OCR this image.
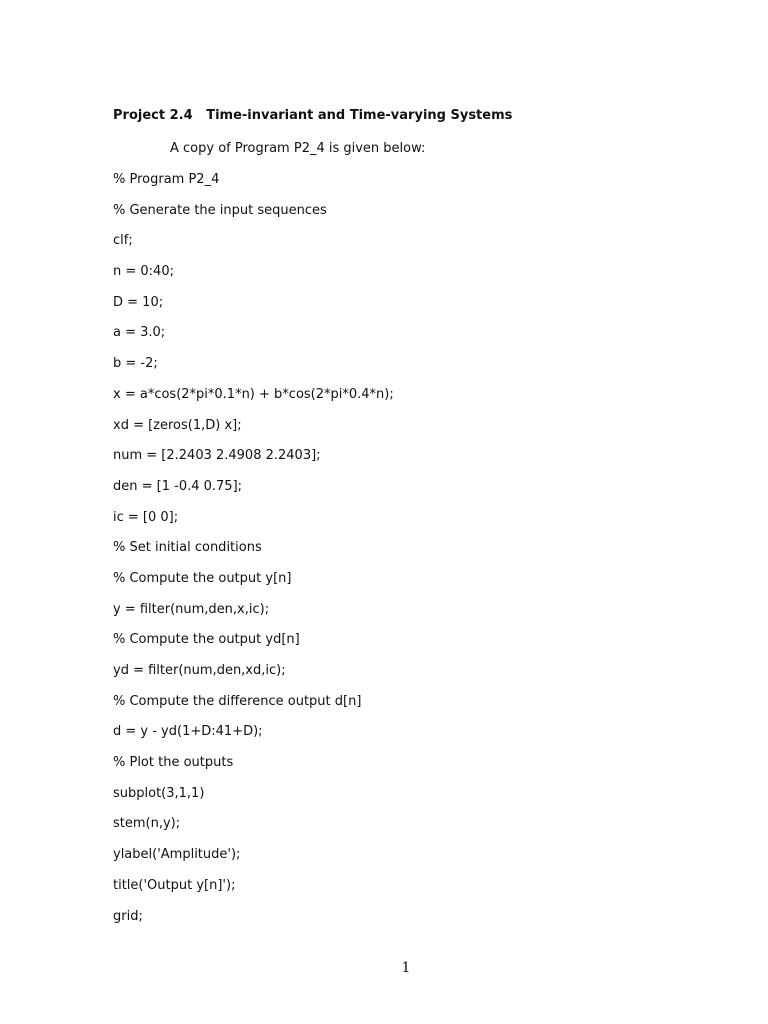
Project 2.4   Time-invariant and Time-varying Systems
A copy of Program P2_4 is given below:
% Program P2_4
% Generate the input sequences
clf;
n = 0:40;
D = 10;
a = 3.0;
b = -2;
x = a*cos(2*pi*0.1*n) + b*cos(2*pi*0.4*n);
xd = [zeros(1,D) x];
num = [2.2403 2.4908 2.2403];
den = [1 -0.4 0.75];
ic = [0 0];
% Set initial conditions
% Compute the output y[n]
y = filter(num,den,x,ic);
% Compute the output yd[n]
yd = filter(num,den,xd,ic);
% Compute the difference output d[n]
d = y - yd(1+D:41+D);
% Plot the outputs
subplot(3,1,1)
stem(n,y);
ylabel('Amplitude');
title('Output y[n]');
grid;
1
